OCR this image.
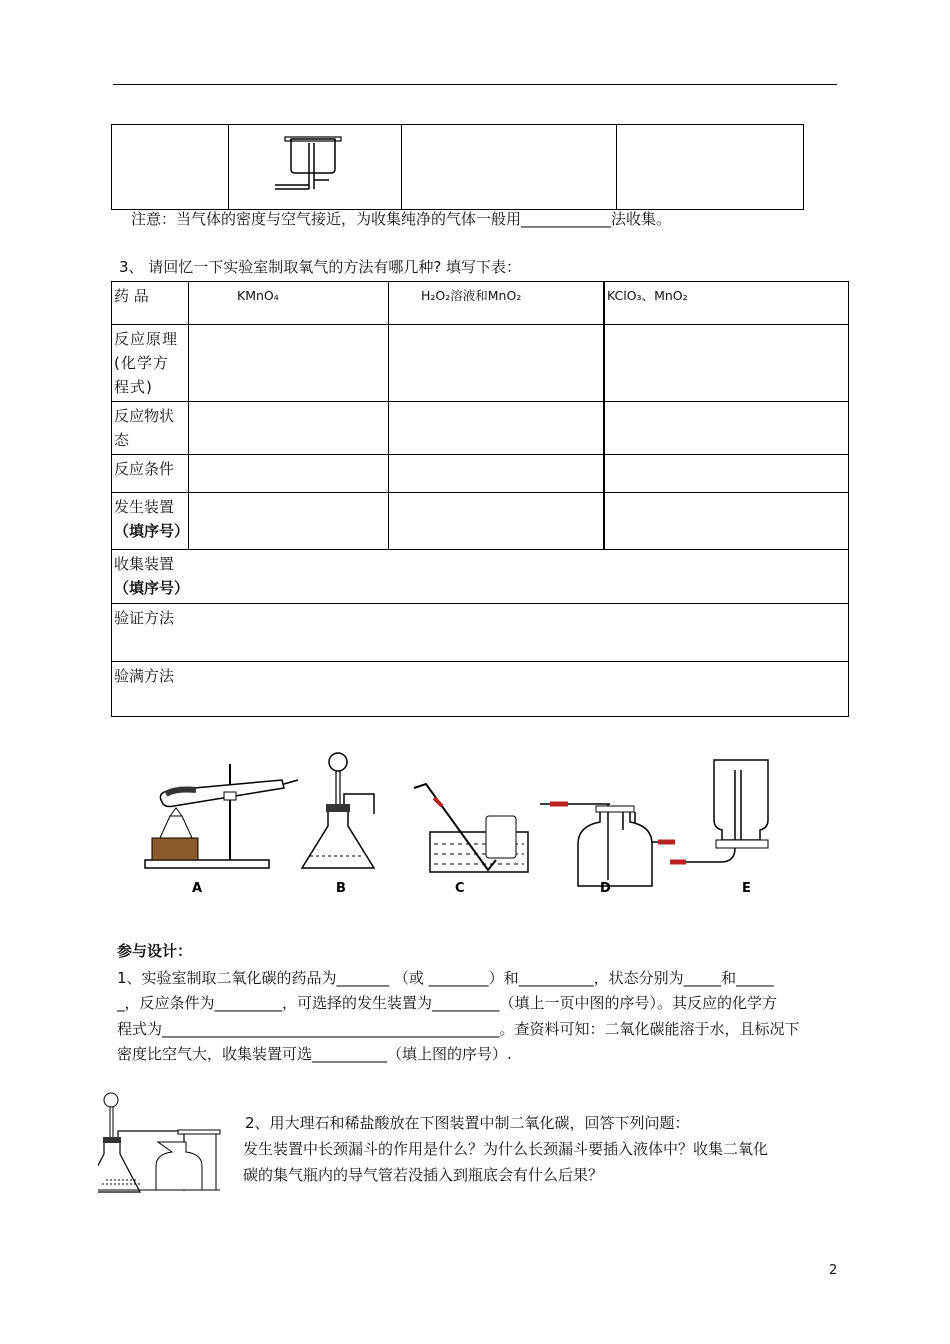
注意：当气体的密度与空气接近，为收集纯净的气体一般用____________法收集。
3、 请回忆一下实验室制取氧气的方法有哪几种? 填写下表：
药 品	KMnO₄	H₂O₂溶液和MnO₂	KClO₃、MnO₂

反应原理(化学方程式)			

反应物状态			

反应条件			

发生装置
（填序号）			

收集装置
（填序号）			

验证方法			
验满方法			
A	B	C	D	E
参与设计：
1、实验室制取二氧化碳的药品为_______ （或 ________）和__________，状态分别为_____和_____
_，反应条件为_________，可选择的发生装置为_________（填上一页中图的序号）。其反应的化学方
程式为_____________________________________________。查资料可知：二氧化碳能溶于水，且标况下
密度比空气大，收集装置可选__________（填上图的序号）.
2、用大理石和稀盐酸放在下图装置中制二氧化碳，回答下列问题：
发生装置中长颈漏斗的作用是什么？为什么长颈漏斗要插入液体中？收集二氧化
碳的集气瓶内的导气管若没插入到瓶底会有什么后果？
2
